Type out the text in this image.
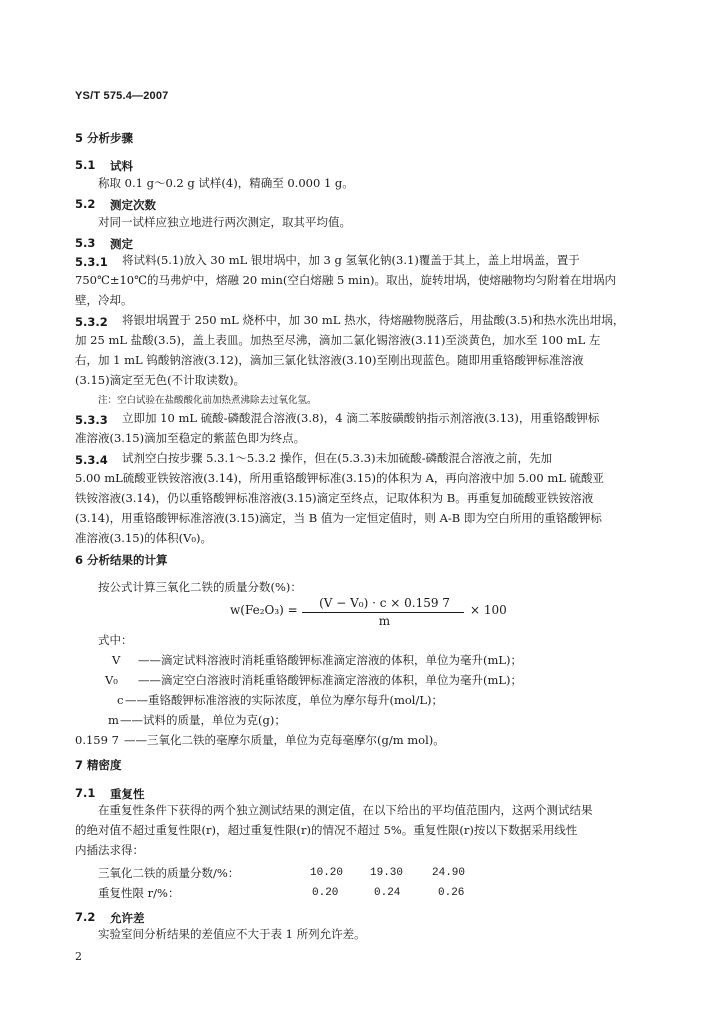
YS/T 575.4—2007
5 分析步骤
5.1 试料
称取 0.1 g～0.2 g 试样(4)，精确至 0.000 1 g。
5.2 测定次数
对同一试样应独立地进行两次测定，取其平均值。
5.3 测定
5.3.1 将试料(5.1)放入 30 mL 银坩埚中，加 3 g 氢氧化钠(3.1)覆盖于其上，盖上坩埚盖，置于
750℃±10℃的马弗炉中，熔融 20 min(空白熔融 5 min)。取出，旋转坩埚，使熔融物均匀附着在坩埚内
壁，冷却。
5.3.2 将银坩埚置于 250 mL 烧杯中，加 30 mL 热水，待熔融物脱落后，用盐酸(3.5)和热水洗出坩埚，
加 25 mL 盐酸(3.5)，盖上表皿。加热至尽沸，滴加二氯化锡溶液(3.11)至淡黄色，加水至 100 mL 左
右，加 1 mL 钨酸钠溶液(3.12)，滴加三氯化钛溶液(3.10)至刚出现蓝色。随即用重铬酸钾标准溶液
(3.15)滴定至无色(不计取读数)。
注：空白试验在盐酸酸化前加热煮沸除去过氧化氢。
5.3.3 立即加 10 mL 硫酸-磷酸混合溶液(3.8)，4 滴二苯胺磺酸钠指示剂溶液(3.13)，用重铬酸钾标
准溶液(3.15)滴加至稳定的紫蓝色即为终点。
5.3.4 试剂空白按步骤 5.3.1～5.3.2 操作，但在(5.3.3)未加硫酸-磷酸混合溶液之前，先加
5.00 mL硫酸亚铁铵溶液(3.14)，所用重铬酸钾标准(3.15)的体积为 A，再向溶液中加 5.00 mL 硫酸亚
铁铵溶液(3.14)，仍以重铬酸钾标准溶液(3.15)滴定至终点，记取体积为 B。再重复加硫酸亚铁铵溶液
(3.14)，用重铬酸钾标准溶液(3.15)滴定，当 B 值为一定恒定值时，则 A-B 即为空白所用的重铬酸钾标
准溶液(3.15)的体积(V₀)。
6 分析结果的计算
按公式计算三氧化二铁的质量分数(%)：
w(Fe₂O₃) =	(V − V₀) · c × 0.159 7
m
× 100
式中：
V ——滴定试料溶液时消耗重铬酸钾标准滴定溶液的体积，单位为毫升(mL)；
V₀ ——滴定空白溶液时消耗重铬酸钾标准滴定溶液的体积，单位为毫升(mL)；
c ——重铬酸钾标准溶液的实际浓度，单位为摩尔每升(mol/L)；
m ——试料的质量，单位为克(g)；
0.159 7 ——三氧化二铁的毫摩尔质量，单位为克每毫摩尔(g/m mol)。
7 精密度
7.1 重复性
在重复性条件下获得的两个独立测试结果的测定值，在以下给出的平均值范围内，这两个测试结果
的绝对值不超过重复性限(r)，超过重复性限(r)的情况不超过 5%。重复性限(r)按以下数据采用线性
内插法求得：
三氧化二铁的质量分数/%：	10.20 19.30	24.90
重复性限 r/%：	0.20	0.24	0.26
7.2 允许差
实验室间分析结果的差值应不大于表 1 所列允许差。
2
